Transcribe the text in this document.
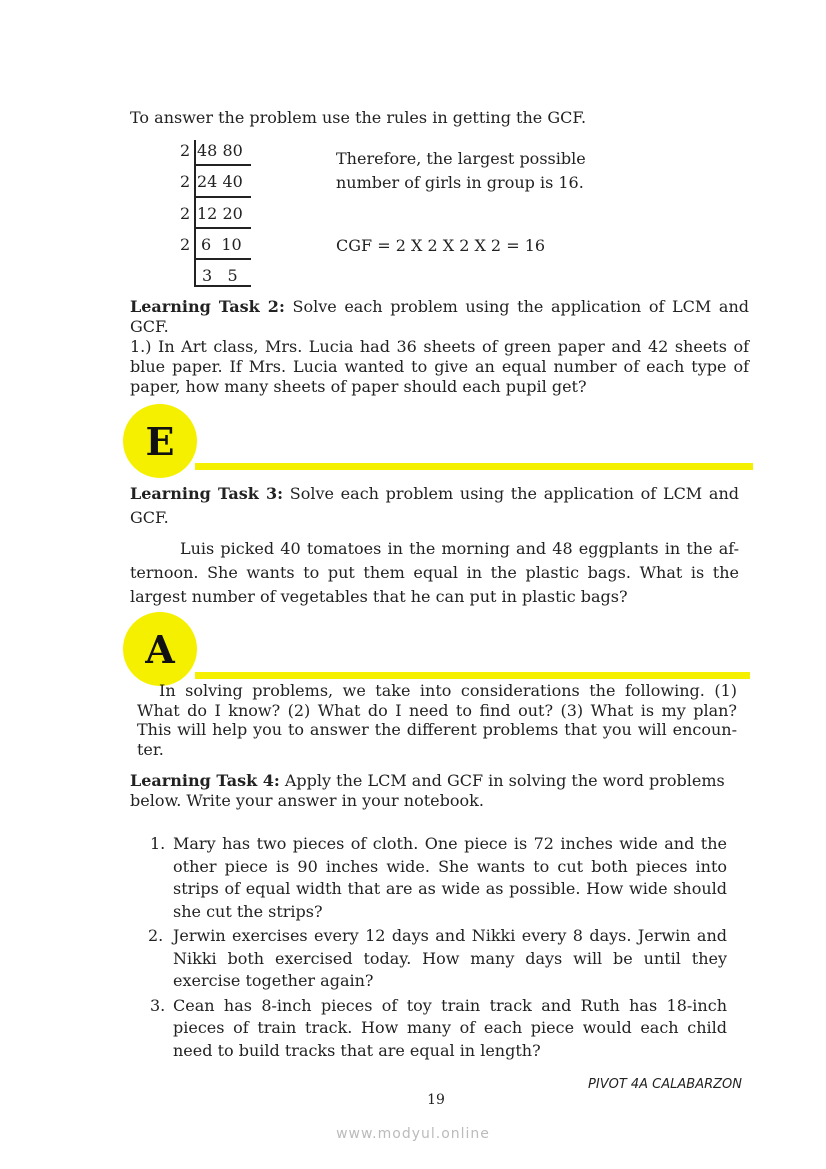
To answer the problem use the rules in getting the GCF.
2 48 80
2 24 40
2 12 20
2 6  10
3   5
Therefore, the largest possible
number of girls in group is 16.
CGF = 2 X 2 X 2 X 2 = 16
Learning Task 2: Solve each problem using the application of LCM and
GCF.
1.) In Art class, Mrs. Lucia had 36 sheets of green paper and 42 sheets of blue paper. If Mrs. Lucia wanted to give an equal number of each type of paper, how many sheets of paper should each pupil get?
E
Learning Task 3: Solve each problem using the application of LCM and
GCF.
Luis picked 40 tomatoes in the morning and 48 eggplants in the af-ternoon. She wants to put them equal in the plastic bags. What is the largest number of vegetables that he can put in plastic bags?
A
In solving problems, we take into considerations the following. (1) What do I know? (2) What do I need to find out? (3) What is my plan? This will help you to answer the different problems that you will encoun-ter.
Learning Task 4: Apply the LCM and GCF in solving the word problems below. Write your answer in your notebook.
1. Mary has two pieces of cloth. One piece is 72 inches wide and the other piece is 90 inches wide. She wants to cut both pieces into strips of equal width that are as wide as possible. How wide should she cut the strips?
2. Jerwin exercises every 12 days and Nikki every 8 days. Jerwin and Nikki both exercised today. How many days will be until they exercise together again?
3. Cean has 8-inch pieces of toy train track and Ruth has 18-inch pieces of train track. How many of each piece would each child need to build tracks that are equal in length?
PIVOT 4A CALABARZON
19
www.modyul.online
